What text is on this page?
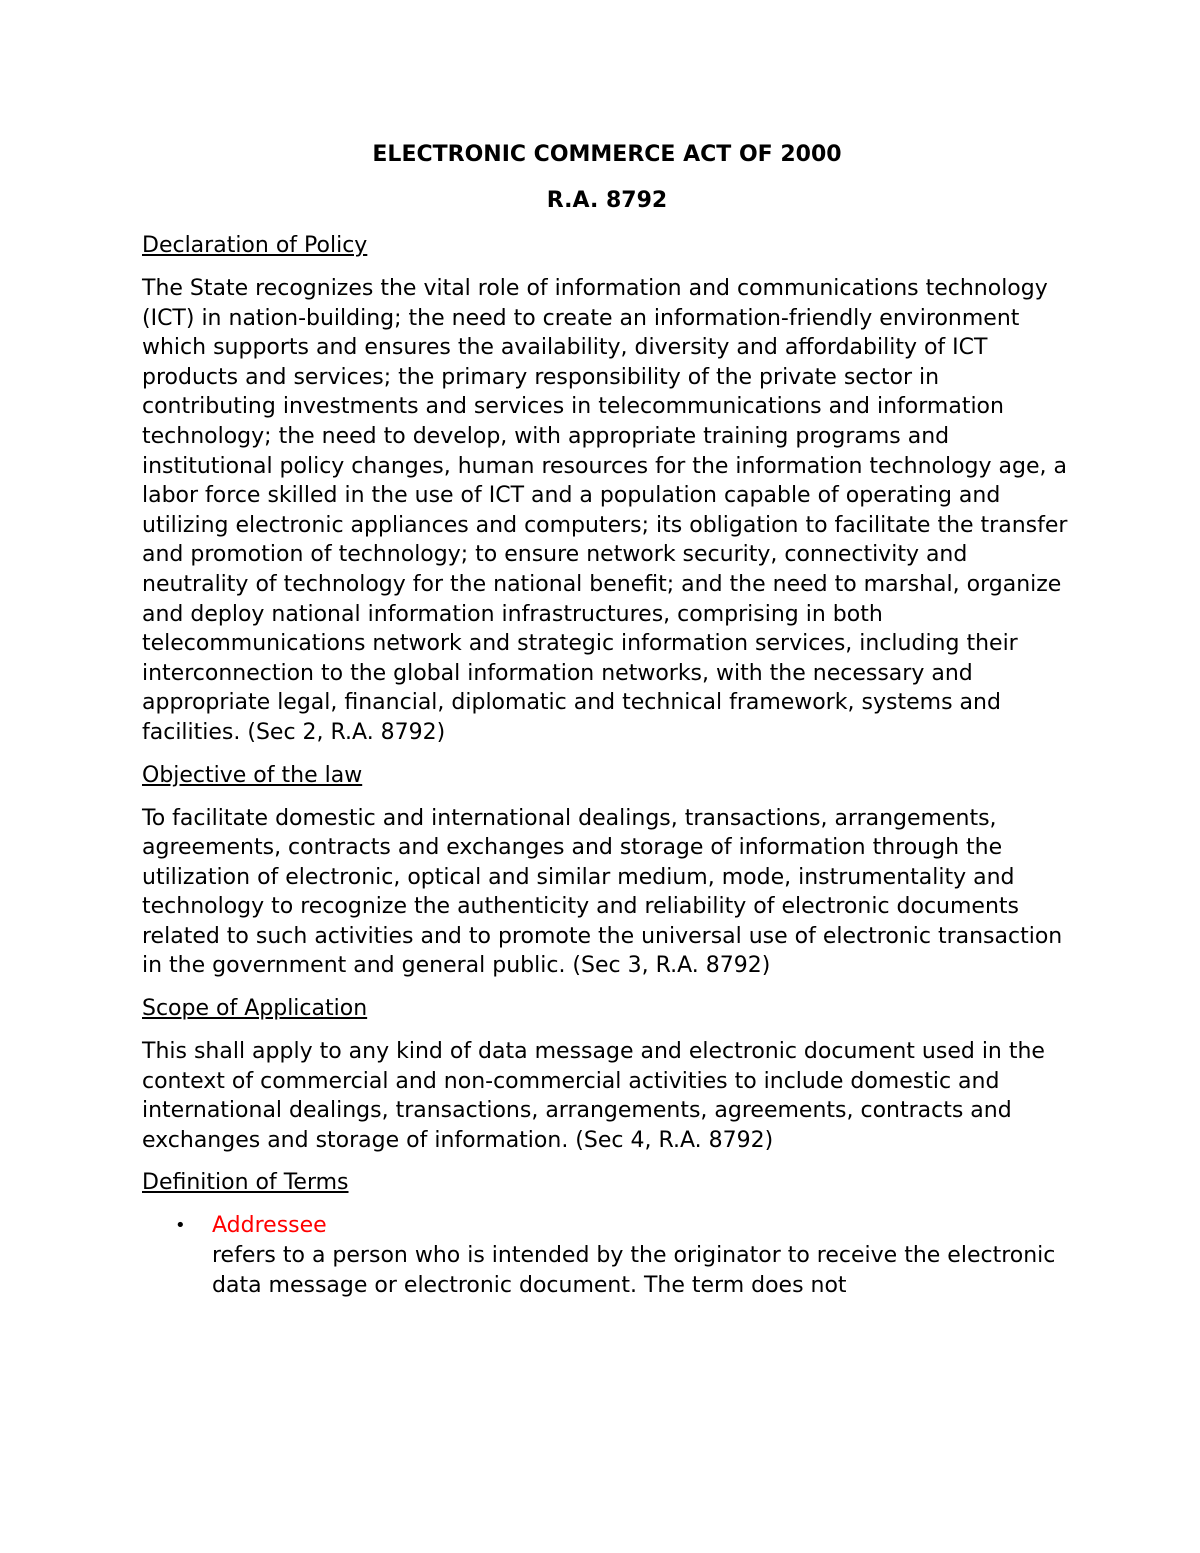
ELECTRONIC COMMERCE ACT OF 2000

R.A. 8792

Declaration of Policy

The State recognizes the vital role of information and communications technology (ICT) in nation-building; the need to create an information-friendly environment which supports and ensures the availability, diversity and affordability of ICT products and services; the primary responsibility of the private sector in contributing investments and services in telecommunications and information technology; the need to develop, with appropriate training programs and institutional policy changes, human resources for the information technology age, a labor force skilled in the use of ICT and a population capable of operating and utilizing electronic appliances and computers; its obligation to facilitate the transfer and promotion of technology; to ensure network security, connectivity and neutrality of technology for the national benefit; and the need to marshal, organize and deploy national information infrastructures, comprising in both telecommunications network and strategic information services, including their interconnection to the global information networks, with the necessary and appropriate legal, financial, diplomatic and technical framework, systems and facilities. (Sec 2, R.A. 8792)

Objective of the law

To facilitate domestic and international dealings, transactions, arrangements, agreements, contracts and exchanges and storage of information through the utilization of electronic, optical and similar medium, mode, instrumentality and technology to recognize the authenticity and reliability of electronic documents related to such activities and to promote the universal use of electronic transaction in the government and general public. (Sec 3, R.A. 8792)

Scope of Application

This shall apply to any kind of data message and electronic document used in the context of commercial and non-commercial activities to include domestic and international dealings, transactions, arrangements, agreements, contracts and exchanges and storage of information. (Sec 4, R.A. 8792)

Definition of Terms

• Addressee
refers to a person who is intended by the originator to receive the electronic data message or electronic document. The term does not
